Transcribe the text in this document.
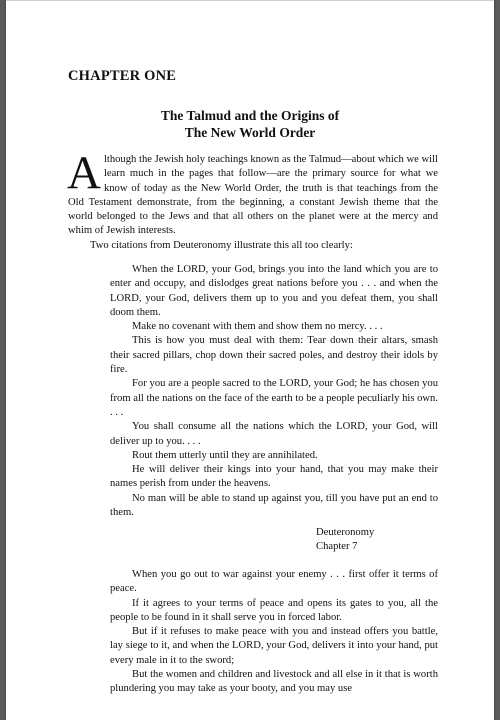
CHAPTER ONE
The Talmud and the Origins of
The New World Order

Although the Jewish holy teachings known as the Talmud—about which we will learn much in the pages that follow—are the primary source for what we know of today as the New World Order, the truth is that teachings from the Old Testament demonstrate, from the beginning, a constant Jewish theme that the world belonged to the Jews and that all others on the planet were at the mercy and whim of Jewish interests.

Two citations from Deuteronomy illustrate this all too clearly:

When the LORD, your God, brings you into the land which you are to enter and occupy, and dislodges great nations before you . . . and when the LORD, your God, delivers them up to you and you defeat them, you shall doom them.

Make no covenant with them and show them no mercy. . . .

This is how you must deal with them: Tear down their altars, smash their sacred pillars, chop down their sacred poles, and destroy their idols by fire.

For you are a people sacred to the LORD, your God; he has chosen you from all the nations on the face of the earth to be a people peculiarly his own. . . .

You shall consume all the nations which the LORD, your God, will deliver up to you. . . .

Rout them utterly until they are annihilated.

He will deliver their kings into your hand, that you may make their names perish from under the heavens.

No man will be able to stand up against you, till you have put an end to them.

Deuteronomy
Chapter 7

When you go out to war against your enemy . . . first offer it terms of peace.

If it agrees to your terms of peace and opens its gates to you, all the people to be found in it shall serve you in forced labor.

But if it refuses to make peace with you and instead offers you battle, lay siege to it, and when the LORD, your God, delivers it into your hand, put every male in it to the sword;

But the women and children and livestock and all else in it that is worth plundering you may take as your booty, and you may use
